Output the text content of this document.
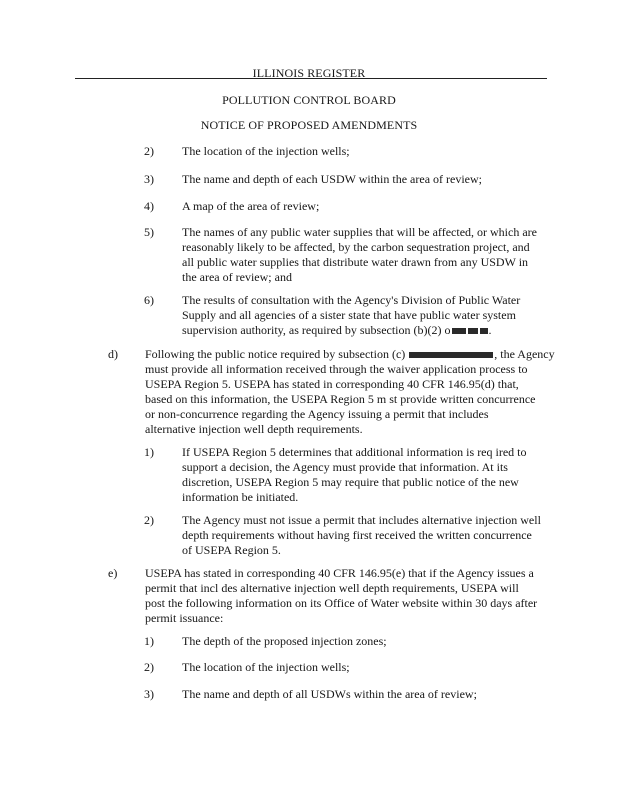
ILLINOIS REGISTER
POLLUTION CONTROL BOARD
NOTICE OF PROPOSED AMENDMENTS
2) The location of the injection wells;
3) The name and depth of each USDW within the area of review;
4) A map of the area of review;
5) The names of any public water supplies that will be affected, or which are
reasonably likely to be affected, by the carbon sequestration project, and
all public water supplies that distribute water drawn from any USDW in
the area of review; and
6) The results of consultation with the Agency's Division of Public Water
Supply and all agencies of a sister state that have public water system
supervision authority, as required by subsection (b)(2) o	.
d) Following the public notice required by subsection (c)	, the Agency
must provide all information received through the waiver application process to
USEPA Region 5. USEPA has stated in corresponding 40 CFR 146.95(d) that,
based on this information, the USEPA Region 5 m st provide written concurrence
or non-concurrence regarding the Agency issuing a permit that includes
alternative injection well depth requirements.
1) If USEPA Region 5 determines that additional information is req ired to
support a decision, the Agency must provide that information. At its
discretion, USEPA Region 5 may require that public notice of the new
information be initiated.
2) The Agency must not issue a permit that includes alternative injection well
depth requirements without having first received the written concurrence
of USEPA Region 5.
e) USEPA has stated in corresponding 40 CFR 146.95(e) that if the Agency issues a
permit that incl des alternative injection well depth requirements, USEPA will
post the following information on its Office of Water website within 30 days after
permit issuance:
1) The depth of the proposed injection zones;
2) The location of the injection wells;
3) The name and depth of all USDWs within the area of review;
